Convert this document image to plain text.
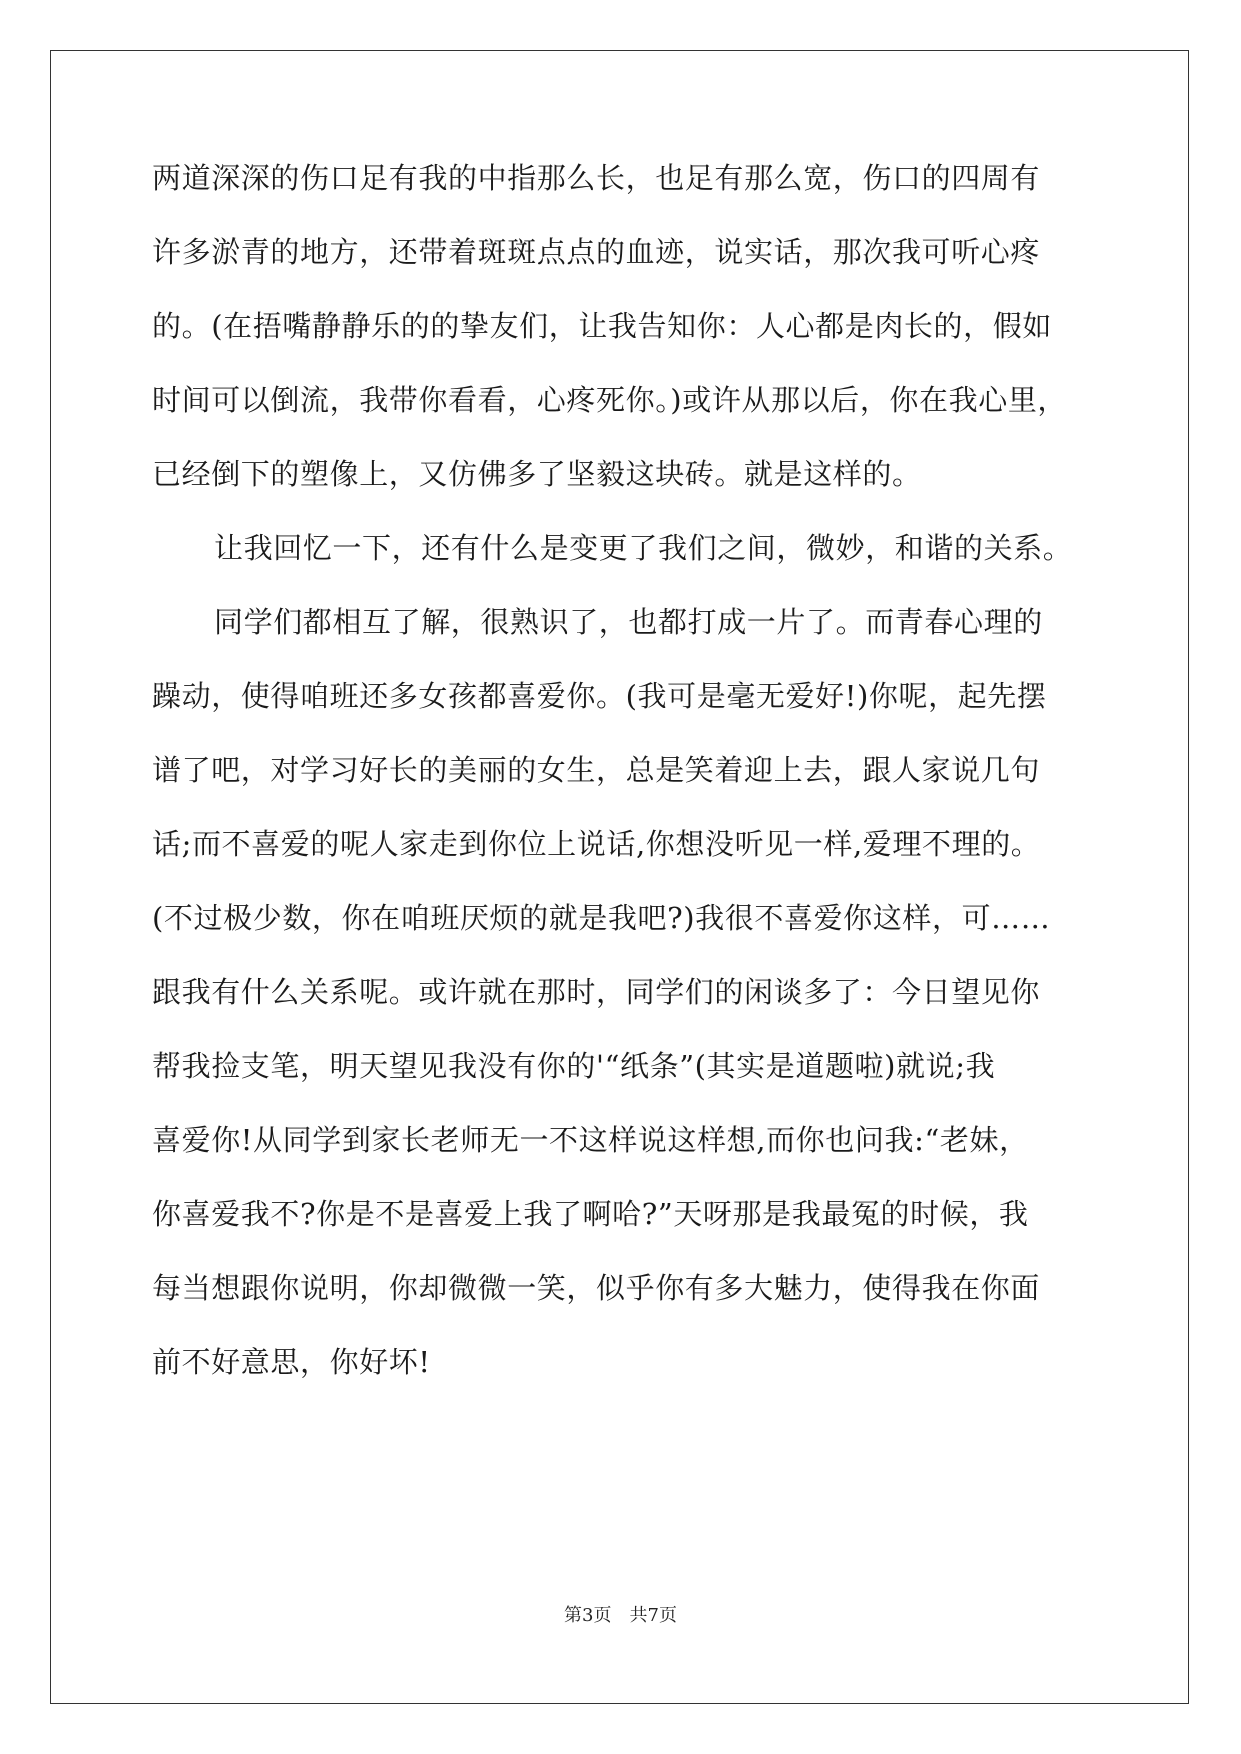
两道深深的伤口足有我的中指那么长，也足有那么宽，伤口的四周有
许多淤青的地方，还带着斑斑点点的血迹，说实话，那次我可听心疼
的。(在捂嘴静静乐的的挚友们，让我告知你：人心都是肉长的，假如
时间可以倒流，我带你看看，心疼死你。)或许从那以后，你在我心里，
已经倒下的塑像上，又仿佛多了坚毅这块砖。就是这样的。
让我回忆一下，还有什么是变更了我们之间，微妙，和谐的关系。
同学们都相互了解，很熟识了，也都打成一片了。而青春心理的
躁动，使得咱班还多女孩都喜爱你。(我可是毫无爱好!)你呢，起先摆
谱了吧，对学习好长的美丽的女生，总是笑着迎上去，跟人家说几句
话;而不喜爱的呢人家走到你位上说话,你想没听见一样,爱理不理的。
(不过极少数，你在咱班厌烦的就是我吧?)我很不喜爱你这样，可……
跟我有什么关系呢。或许就在那时，同学们的闲谈多了：今日望见你
帮我捡支笔，明天望见我没有你的'“纸条”(其实是道题啦)就说;我
喜爱你!从同学到家长老师无一不这样说这样想,而你也问我:“老妹，
你喜爱我不?你是不是喜爱上我了啊哈?”天呀那是我最冤的时候，我
每当想跟你说明，你却微微一笑，似乎你有多大魅力，使得我在你面
前不好意思，你好坏!
第3页 共7页
